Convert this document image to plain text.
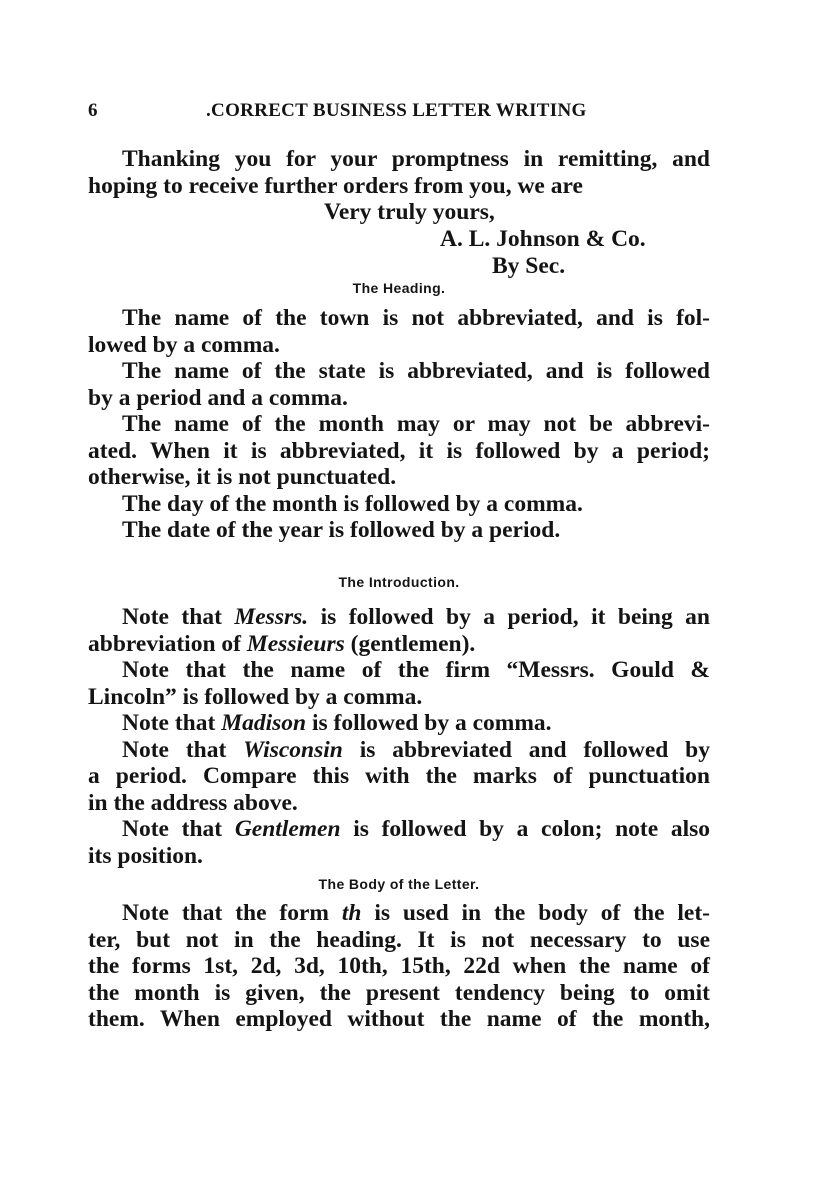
6	.CORRECT BUSINESS LETTER WRITING
Thanking you for your promptness in remitting, and
hoping to receive further orders from you, we are
Very truly yours,
A. L. Johnson & Co.
By Sec.
The Heading.
The name of the town is not abbreviated, and is fol-
lowed by a comma.
The name of the state is abbreviated, and is followed
by a period and a comma.
The name of the month may or may not be abbrevi-
ated. When it is abbreviated, it is followed by a period;
otherwise, it is not punctuated.
The day of the month is followed by a comma.
The date of the year is followed by a period.
The Introduction.
Note that Messrs. is followed by a period, it being an
abbreviation of Messieurs (gentlemen).
Note that the name of the firm “Messrs. Gould &
Lincoln” is followed by a comma.
Note that Madison is followed by a comma.
Note that Wisconsin is abbreviated and followed by
a period. Compare this with the marks of punctuation
in the address above.
Note that Gentlemen is followed by a colon; note also
its position.
The Body of the Letter.
Note that the form th is used in the body of the let-
ter, but not in the heading. It is not necessary to use
the forms 1st, 2d, 3d, 10th, 15th, 22d when the name of
the month is given, the present tendency being to omit
them. When employed without the name of the month,
